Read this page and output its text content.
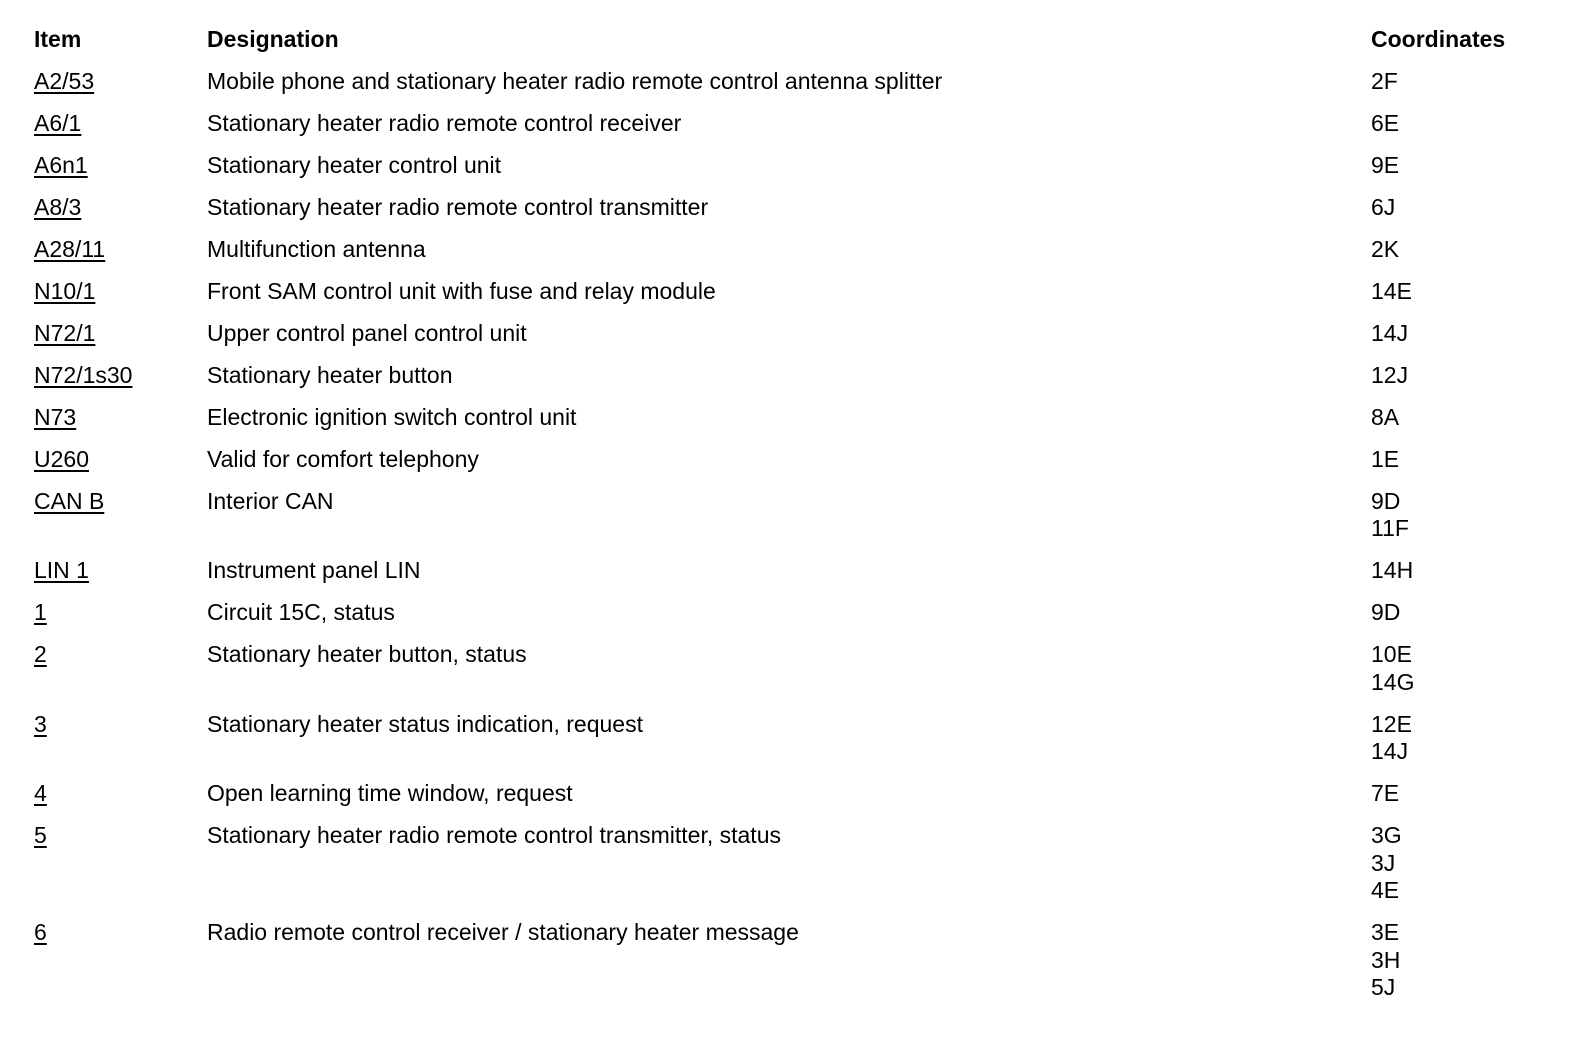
Item	Designation	Coordinates
A2/53	Mobile phone and stationary heater radio remote control antenna splitter	2F
A6/1	Stationary heater radio remote control receiver	6E
A6n1	Stationary heater control unit	9E
A8/3	Stationary heater radio remote control transmitter	6J
A28/11	Multifunction antenna	2K
N10/1	Front SAM control unit with fuse and relay module	14E
N72/1	Upper control panel control unit	14J
N72/1s30	Stationary heater button	12J
N73	Electronic ignition switch control unit	8A
U260	Valid for comfort telephony	1E
CAN B	Interior CAN	9D
11F
LIN 1	Instrument panel LIN	14H
1	Circuit 15C, status	9D
2	Stationary heater button, status	10E
14G
3	Stationary heater status indication, request	12E
14J
4	Open learning time window, request	7E
5	Stationary heater radio remote control transmitter, status	3G
3J
4E
6	Radio remote control receiver / stationary heater message	3E
3H
5J
